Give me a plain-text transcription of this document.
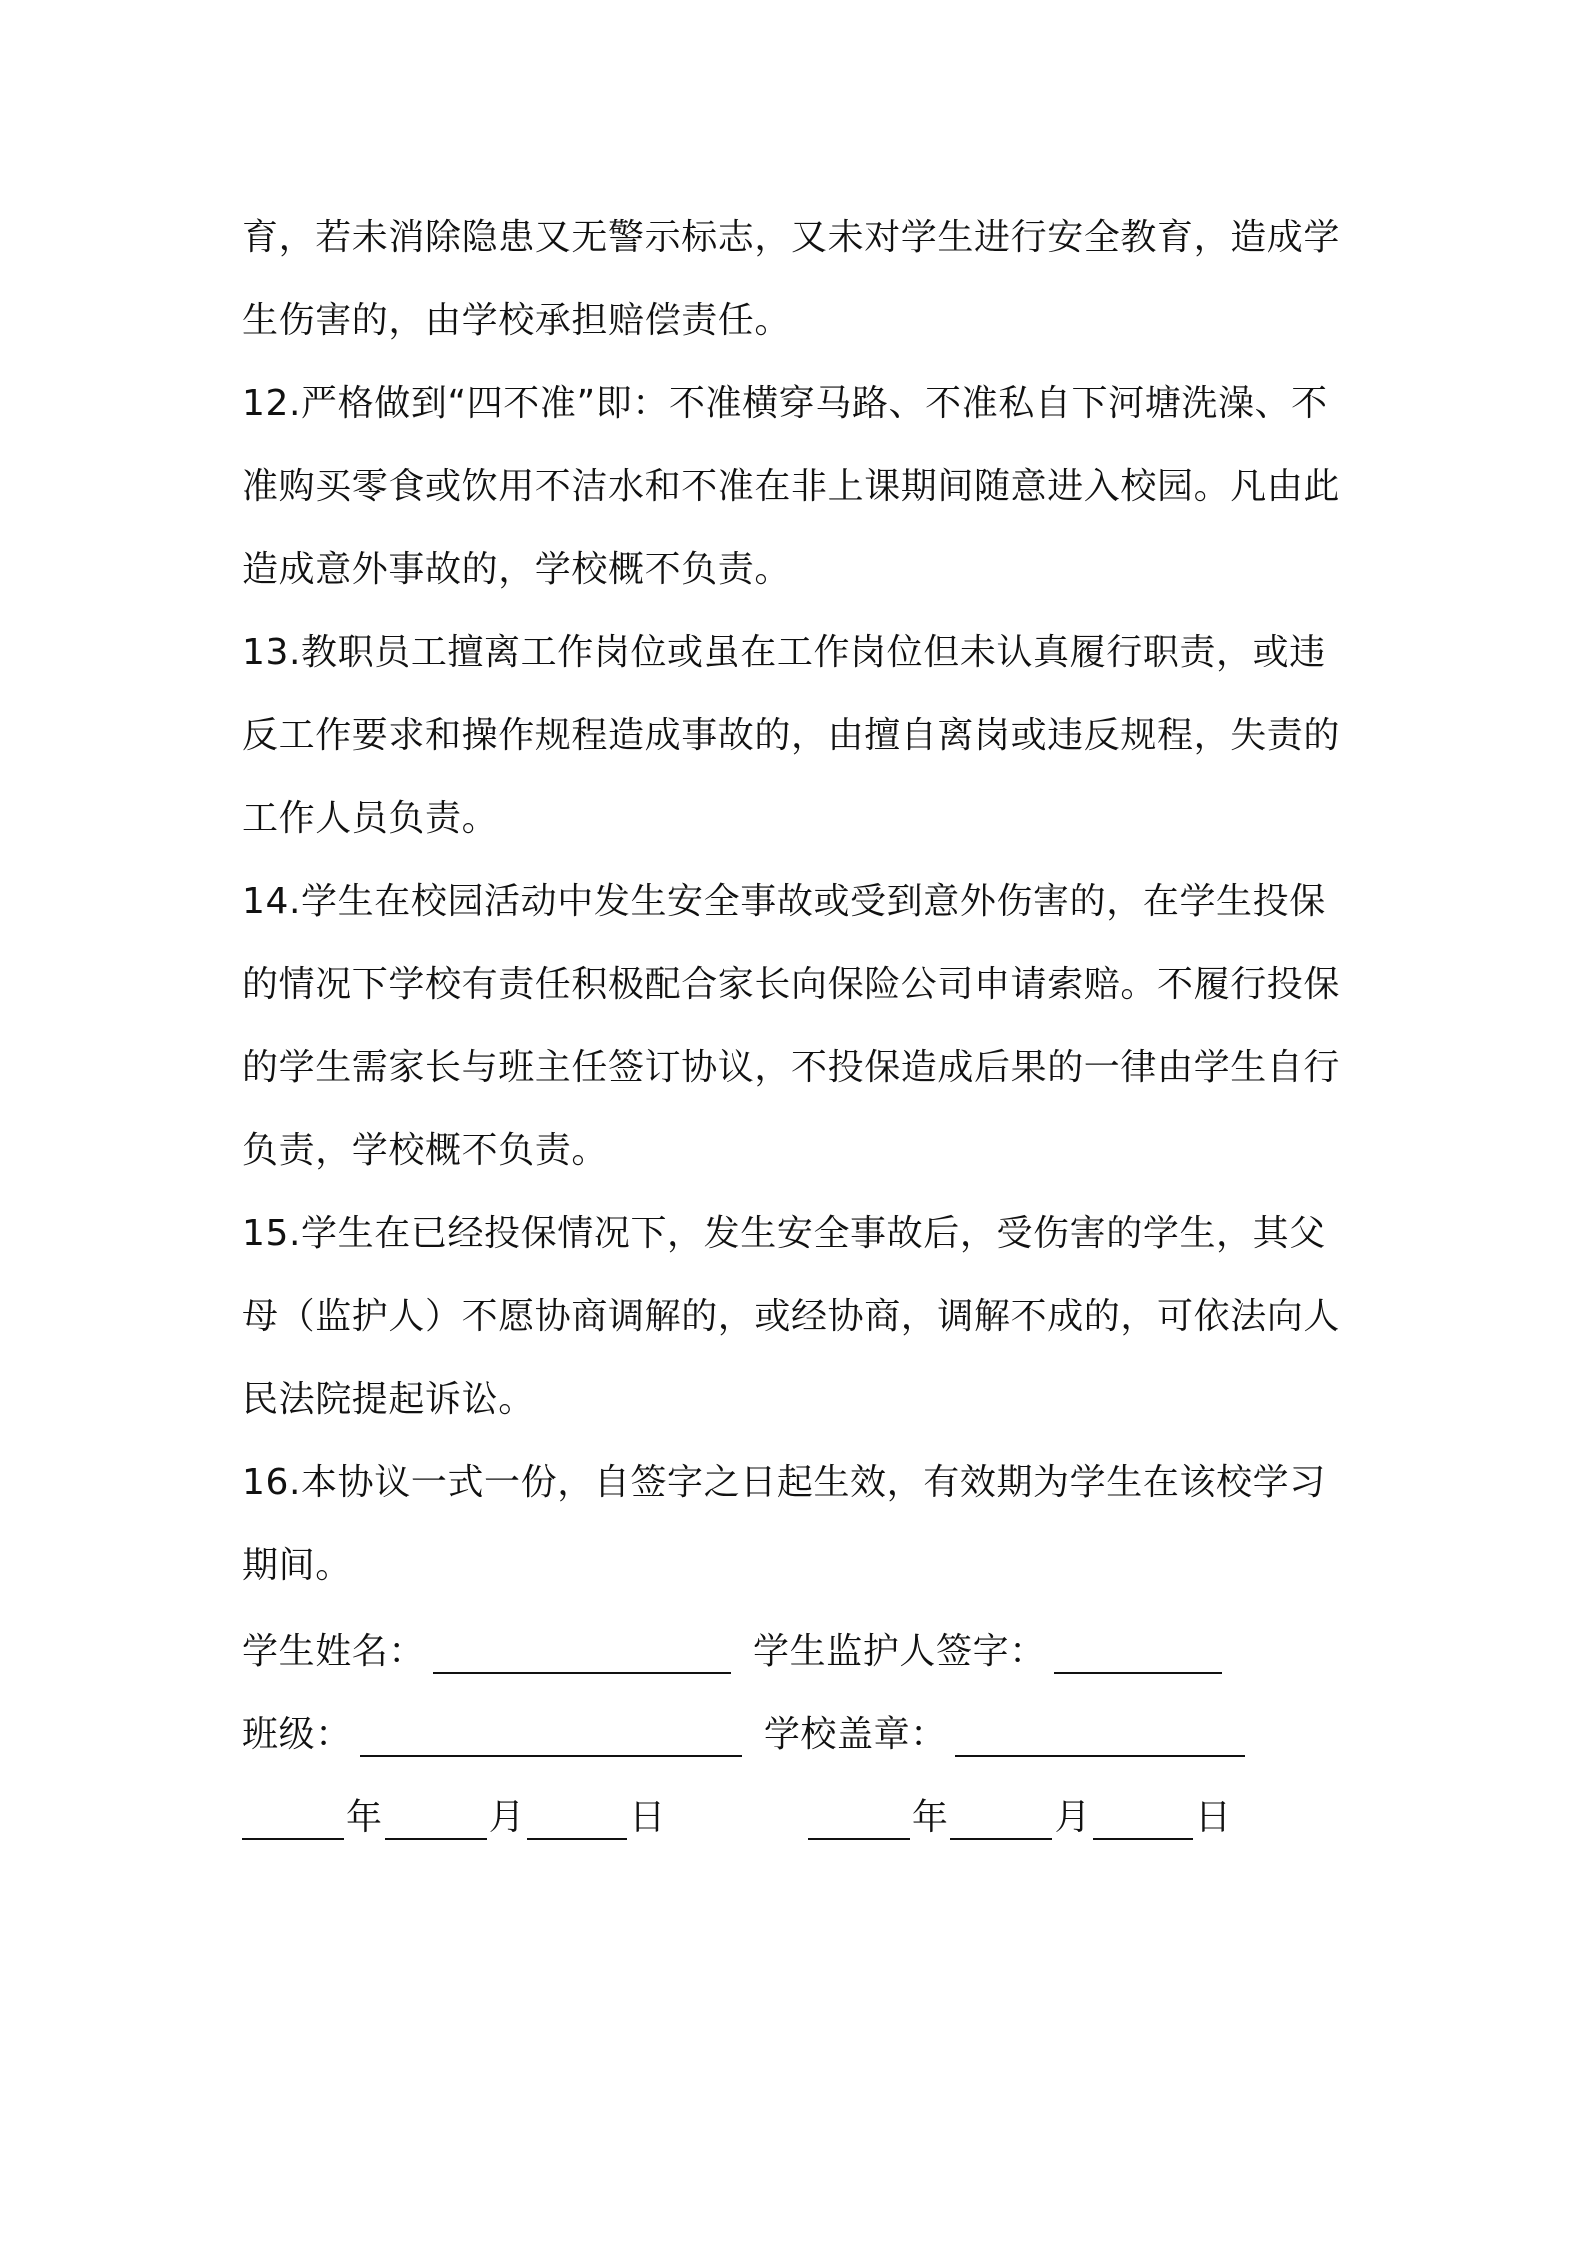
育，若未消除隐患又无警示标志，又未对学生进行安全教育，造成学生伤害的，由学校承担赔偿责任。

12.严格做到“四不准”即：不准横穿马路、不准私自下河塘洗澡、不准购买零食或饮用不洁水和不准在非上课期间随意进入校园。凡由此造成意外事故的，学校概不负责。

13.教职员工擅离工作岗位或虽在工作岗位但未认真履行职责，或违反工作要求和操作规程造成事故的，由擅自离岗或违反规程，失责的工作人员负责。

14.学生在校园活动中发生安全事故或受到意外伤害的，在学生投保的情况下学校有责任积极配合家长向保险公司申请索赔。不履行投保的学生需家长与班主任签订协议，不投保造成后果的一律由学生自行负责，学校概不负责。

15.学生在已经投保情况下，发生安全事故后，受伤害的学生，其父母（监护人）不愿协商调解的，或经协商，调解不成的，可依法向人民法院提起诉讼。

16.本协议一式一份，自签字之日起生效，有效期为学生在该校学习期间。

学生姓名：	学生监护人签字：
班级：	学校盖章：
年	月	日	年	月	日
